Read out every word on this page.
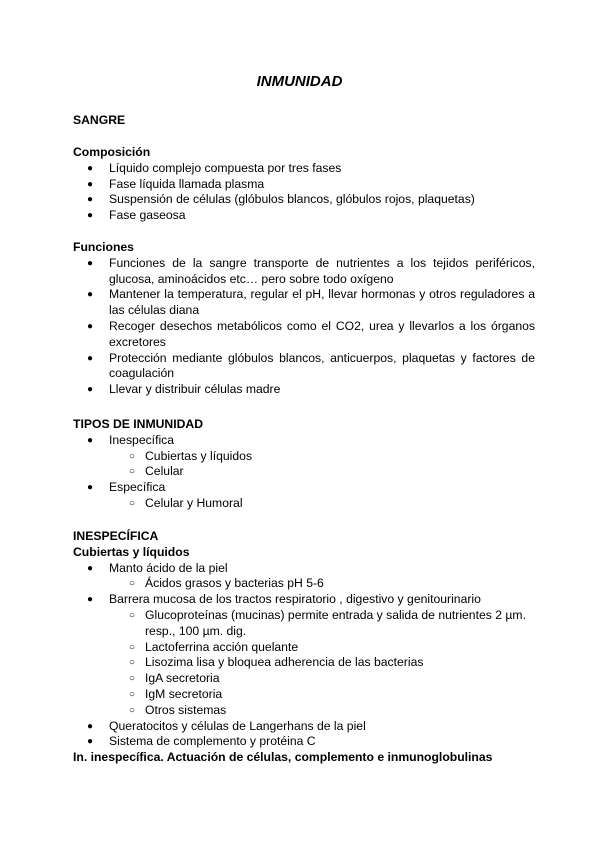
INMUNIDAD
SANGRE
Composición
● Líquido complejo compuesta por tres fases
● Fase líquida llamada plasma
● Suspensión de células (glóbulos blancos, glóbulos rojos, plaquetas)
● Fase gaseosa
Funciones
● Funciones de la sangre transporte de nutrientes a los tejidos periféricos, glucosa, aminoácidos etc… pero sobre todo oxígeno
● Mantener la temperatura, regular el pH, llevar hormonas y otros reguladores a las células diana
● Recoger desechos metabólicos como el CO2, urea y llevarlos a los órganos excretores
● Protección mediante glóbulos blancos, anticuerpos, plaquetas y factores de coagulación
● Llevar y distribuir células madre
TIPOS DE INMUNIDAD
● Inespecífica
○ Cubiertas y líquidos
○ Celular
● Específica
○ Celular y Humoral
INESPECÍFICA
Cubiertas y líquidos
● Manto ácido de la piel
○ Ácidos grasos y bacterias pH 5-6
● Barrera mucosa de los tractos respiratorio , digestivo y genitourinario
○ Glucoproteínas (mucinas) permite entrada y salida de nutrientes 2 µm. resp., 100 µm. dig.
○ Lactoferrina acción quelante
○ Lisozima lisa y bloquea adherencia de las bacterias
○ IgA secretoria
○ IgM secretoria
○ Otros sistemas
● Queratocitos y células de Langerhans de la piel
● Sistema de complemento y protéina C
In. inespecífica. Actuación de células, complemento e inmunoglobulinas
